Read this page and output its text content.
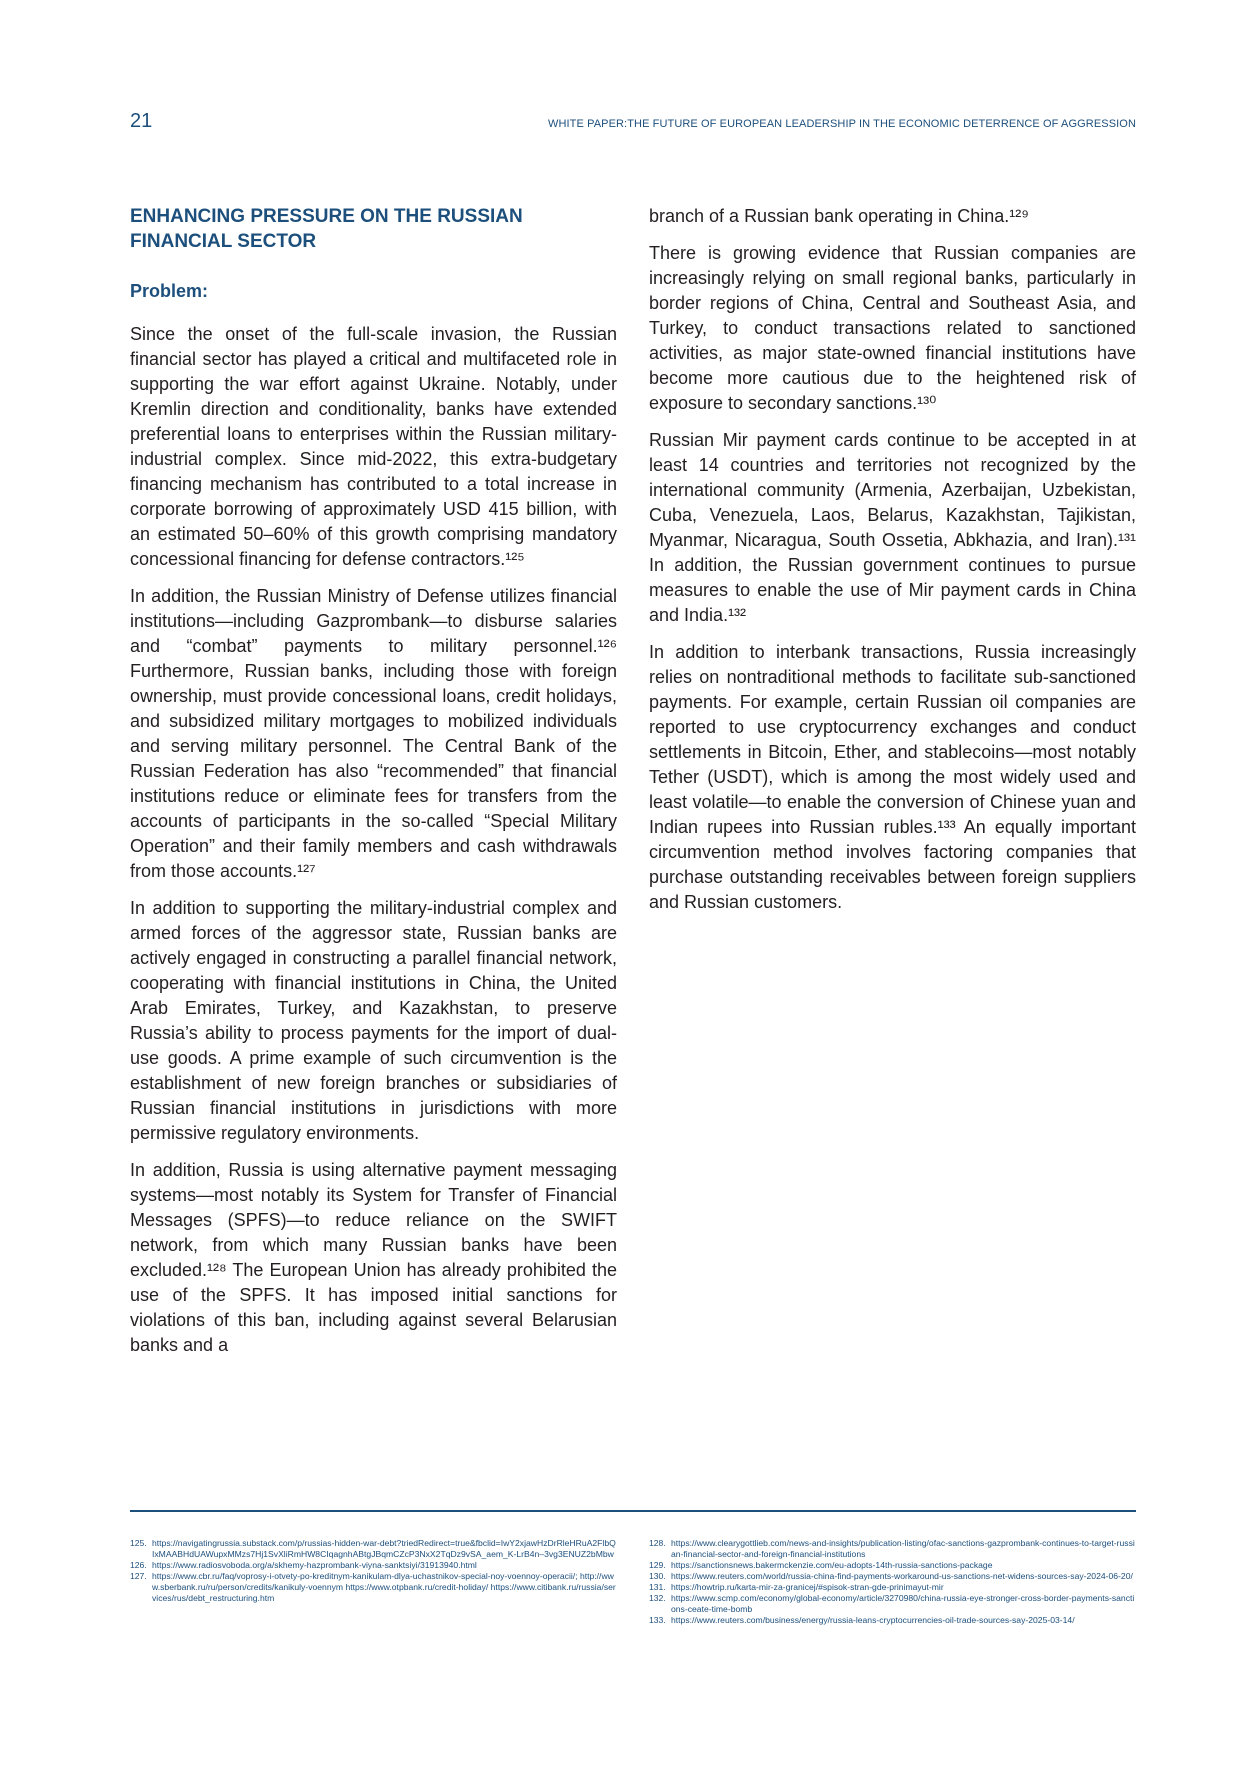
21	WHITE PAPER:THE FUTURE OF EUROPEAN LEADERSHIP IN THE ECONOMIC DETERRENCE OF AGGRESSION
ENHANCING PRESSURE ON THE RUSSIAN FINANCIAL SECTOR
Problem:

Since the onset of the full-scale invasion, the Russian financial sector has played a critical and multifaceted role in supporting the war effort against Ukraine. Notably, under Kremlin direction and conditionality, banks have extended preferential loans to enterprises within the Russian military-industrial complex. Since mid-2022, this extra-budgetary financing mechanism has contributed to a total increase in corporate borrowing of approximately USD 415 billion, with an estimated 50–60% of this growth comprising mandatory concessional financing for defense contractors.¹²⁵

In addition, the Russian Ministry of Defense utilizes financial institutions—including Gazprombank—to disburse salaries and “combat” payments to military personnel.¹²⁶ Furthermore, Russian banks, including those with foreign ownership, must provide concessional loans, credit holidays, and subsidized military mortgages to mobilized individuals and serving military personnel. The Central Bank of the Russian Federation has also “recommended” that financial institutions reduce or eliminate fees for transfers from the accounts of participants in the so-called “Special Military Operation” and their family members and cash withdrawals from those accounts.¹²⁷

In addition to supporting the military-industrial complex and armed forces of the aggressor state, Russian banks are actively engaged in constructing a parallel financial network, cooperating with financial institutions in China, the United Arab Emirates, Turkey, and Kazakhstan, to preserve Russia’s ability to process payments for the import of dual-use goods. A prime example of such circumvention is the establishment of new foreign branches or subsidiaries of Russian financial institutions in jurisdictions with more permissive regulatory environments.

In addition, Russia is using alternative payment messaging systems—most notably its System for Transfer of Financial Messages (SPFS)—to reduce reliance on the SWIFT network, from which many Russian banks have been excluded.¹²⁸ The European Union has already prohibited the use of the SPFS. It has imposed initial sanctions for violations of this ban, including against several Belarusian banks and a

branch of a Russian bank operating in China.¹²⁹

There is growing evidence that Russian companies are increasingly relying on small regional banks, particularly in border regions of China, Central and Southeast Asia, and Turkey, to conduct transactions related to sanctioned activities, as major state-owned financial institutions have become more cautious due to the heightened risk of exposure to secondary sanctions.¹³⁰

Russian Mir payment cards continue to be accepted in at least 14 countries and territories not recognized by the international community (Armenia, Azerbaijan, Uzbekistan, Cuba, Venezuela, Laos, Belarus, Kazakhstan, Tajikistan, Myanmar, Nicaragua, South Ossetia, Abkhazia, and Iran).¹³¹ In addition, the Russian government continues to pursue measures to enable the use of Mir payment cards in China and India.¹³²

In addition to interbank transactions, Russia increasingly relies on nontraditional methods to facilitate sub-sanctioned payments. For example, certain Russian oil companies are reported to use cryptocurrency exchanges and conduct settlements in Bitcoin, Ether, and stablecoins—most notably Tether (USDT), which is among the most widely used and least volatile—to enable the conversion of Chinese yuan and Indian rupees into Russian rubles.¹³³ An equally important circumvention method involves factoring companies that purchase outstanding receivables between foreign suppliers and Russian customers.

125. https://navigatingrussia.substack.com/p/russias-hidden-war-debt?triedRedirect=true&fbclid=IwY2xjawHzDrRleHRuA2FlbQIxMAABHdUAWupxMMzs7Hj1SvXliRmHW8CIqagnhABtgJBqmCZcP3NxX2TqDz9vSA_aem_K-LrB4n–3vg3ENUZ2bMbw
126. https://www.radiosvoboda.org/a/skhemy-hazprombank-viyna-sanktsiyi/31913940.html
127. https://www.cbr.ru/faq/voprosy-i-otvety-po-kreditnym-kanikulam-dlya-uchastnikov-special-noy-voennoy-operacii/; http://www.sberbank.ru/ru/person/credits/kanikuly-voennym https://www.otpbank.ru/credit-holiday/ https://www.citibank.ru/russia/services/rus/debt_restructuring.htm
128. https://www.clearygottlieb.com/news-and-insights/publication-listing/ofac-sanctions-gazprombank-continues-to-target-russian-financial-sector-and-foreign-financial-institutions
129. https://sanctionsnews.bakermckenzie.com/eu-adopts-14th-russia-sanctions-package
130. https://www.reuters.com/world/russia-china-find-payments-workaround-us-sanctions-net-widens-sources-say-2024-06-20/
131. https://howtrip.ru/karta-mir-za-granicej/#spisok-stran-gde-prinimayut-mir
132. https://www.scmp.com/economy/global-economy/article/3270980/china-russia-eye-stronger-cross-border-payments-sanctions-ceate-time-bomb
133. https://www.reuters.com/business/energy/russia-leans-cryptocurrencies-oil-trade-sources-say-2025-03-14/
